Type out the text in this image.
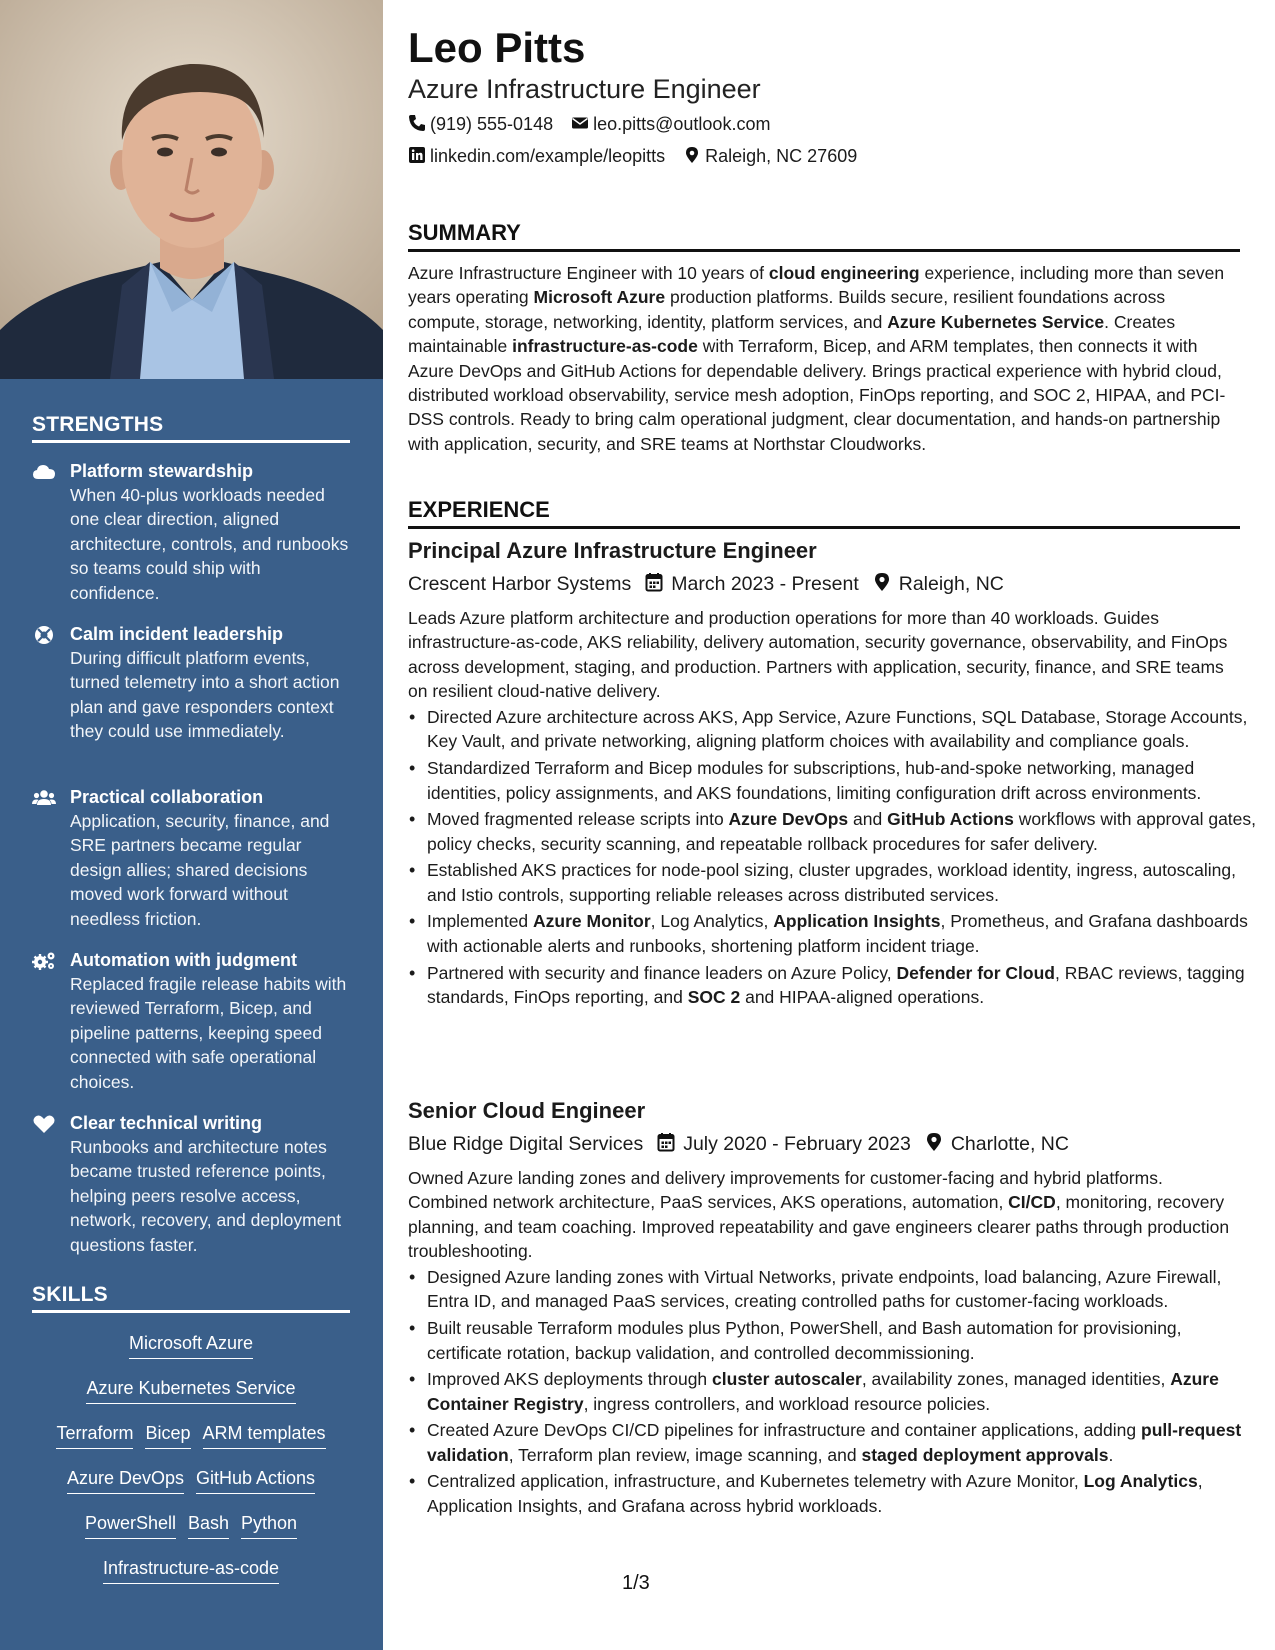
STRENGTHS
Platform stewardship
When 40-plus workloads needed one clear direction, aligned architecture, controls, and runbooks so teams could ship with confidence.
Calm incident leadership
During difficult platform events, turned telemetry into a short action plan and gave responders context they could use immediately.
Practical collaboration
Application, security, finance, and SRE partners became regular design allies; shared decisions moved work forward without needless friction.
Automation with judgment
Replaced fragile release habits with reviewed Terraform, Bicep, and pipeline patterns, keeping speed connected with safe operational choices.
Clear technical writing
Runbooks and architecture notes became trusted reference points, helping peers resolve access, network, recovery, and deployment questions faster.
SKILLS
Microsoft Azure
Azure Kubernetes Service
Terraform Bicep ARM templates
Azure DevOps GitHub Actions
PowerShell Bash Python
Infrastructure-as-code
Leo Pitts
Azure Infrastructure Engineer
(919) 555-0148 leo.pitts@outlook.com
linkedin.com/example/leopitts Raleigh, NC 27609
SUMMARY
Azure Infrastructure Engineer with 10 years of cloud engineering experience, including more than seven years operating Microsoft Azure production platforms. Builds secure, resilient foundations across compute, storage, networking, identity, platform services, and Azure Kubernetes Service. Creates maintainable infrastructure-as-code with Terraform, Bicep, and ARM templates, then connects it with Azure DevOps and GitHub Actions for dependable delivery. Brings practical experience with hybrid cloud, distributed workload observability, service mesh adoption, FinOps reporting, and SOC 2, HIPAA, and PCI-DSS controls. Ready to bring calm operational judgment, clear documentation, and hands-on partnership with application, security, and SRE teams at Northstar Cloudworks.
EXPERIENCE
Principal Azure Infrastructure Engineer
Crescent Harbor Systems March 2023 - Present Raleigh, NC
Leads Azure platform architecture and production operations for more than 40 workloads. Guides infrastructure-as-code, AKS reliability, delivery automation, security governance, observability, and FinOps across development, staging, and production. Partners with application, security, finance, and SRE teams on resilient cloud-native delivery.
• Directed Azure architecture across AKS, App Service, Azure Functions, SQL Database, Storage Accounts, Key Vault, and private networking, aligning platform choices with availability and compliance goals.
• Standardized Terraform and Bicep modules for subscriptions, hub-and-spoke networking, managed identities, policy assignments, and AKS foundations, limiting configuration drift across environments.
• Moved fragmented release scripts into Azure DevOps and GitHub Actions workflows with approval gates, policy checks, security scanning, and repeatable rollback procedures for safer delivery.
• Established AKS practices for node-pool sizing, cluster upgrades, workload identity, ingress, autoscaling, and Istio controls, supporting reliable releases across distributed services.
• Implemented Azure Monitor, Log Analytics, Application Insights, Prometheus, and Grafana dashboards with actionable alerts and runbooks, shortening platform incident triage.
• Partnered with security and finance leaders on Azure Policy, Defender for Cloud, RBAC reviews, tagging standards, FinOps reporting, and SOC 2 and HIPAA-aligned operations.
Senior Cloud Engineer
Blue Ridge Digital Services July 2020 - February 2023 Charlotte, NC
Owned Azure landing zones and delivery improvements for customer-facing and hybrid platforms. Combined network architecture, PaaS services, AKS operations, automation, CI/CD, monitoring, recovery planning, and team coaching. Improved repeatability and gave engineers clearer paths through production troubleshooting.
• Designed Azure landing zones with Virtual Networks, private endpoints, load balancing, Azure Firewall, Entra ID, and managed PaaS services, creating controlled paths for customer-facing workloads.
• Built reusable Terraform modules plus Python, PowerShell, and Bash automation for provisioning, certificate rotation, backup validation, and controlled decommissioning.
• Improved AKS deployments through cluster autoscaler, availability zones, managed identities, Azure Container Registry, ingress controllers, and workload resource policies.
• Created Azure DevOps CI/CD pipelines for infrastructure and container applications, adding pull-request validation, Terraform plan review, image scanning, and staged deployment approvals.
• Centralized application, infrastructure, and Kubernetes telemetry with Azure Monitor, Log Analytics, Application Insights, and Grafana across hybrid workloads.
1/3
